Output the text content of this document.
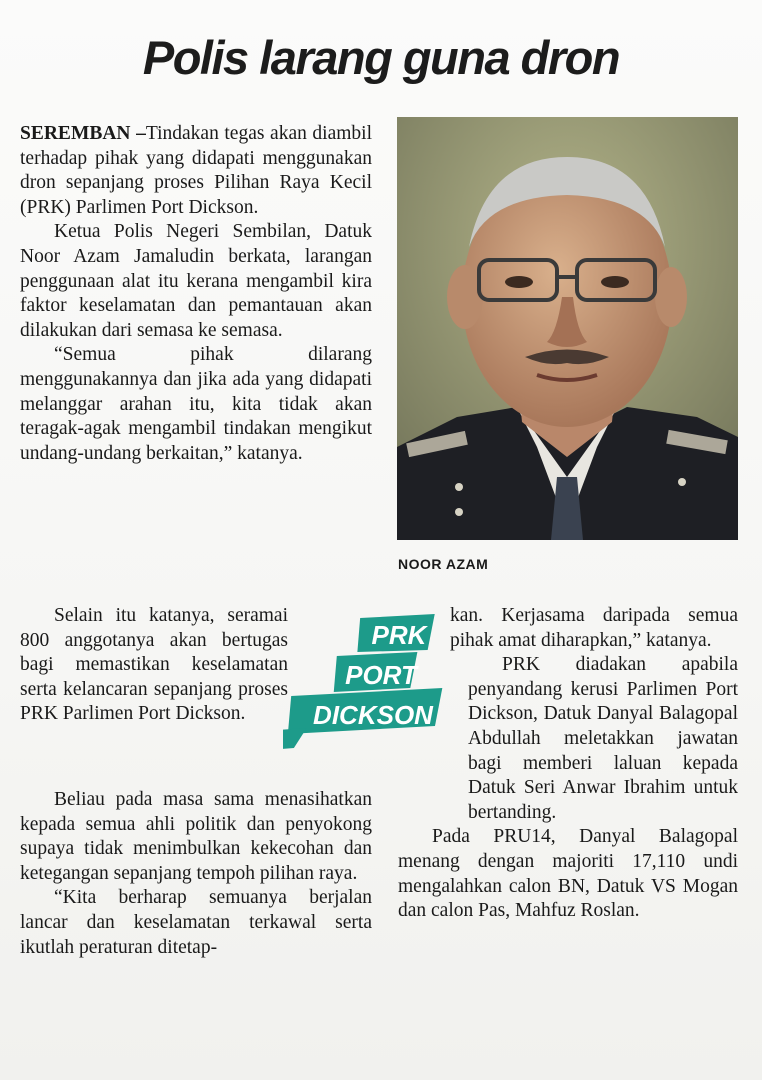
Polis larang guna dron

SEREMBAN –Tindakan tegas akan diambil terhadap pihak yang didapati menggunakan dron sepanjang proses Pilihan Raya Kecil (PRK) Parlimen Port Dickson.

Ketua Polis Negeri Sembilan, Datuk Noor Azam Jamaludin berkata, larangan penggunaan alat itu kerana mengambil kira faktor keselamatan dan pemantauan akan dilakukan dari semasa ke semasa.

“Semua pihak dilarang menggunakannya dan jika ada yang didapati melanggar arahan itu, kita tidak akan teragak-agak mengambil tindakan mengikut undang-undang berkaitan,” katanya.

NOOR AZAM

Selain itu katanya, seramai 800 anggotanya akan bertugas bagi memastikan keselamatan serta kelancaran sepanjang proses PRK Parlimen Port Dickson.

PRK
PORT
DICKSON

Beliau pada masa sama menasihatkan kepada semua ahli politik dan penyokong supaya tidak menimbulkan kekecohan dan ketegangan sepanjang tempoh pilihan raya.

“Kita berharap semuanya berjalan lancar dan keselamatan terkawal serta ikutlah peraturan ditetap-

kan. Kerjasama daripada semua pihak amat diharapkan,” katanya.

PRK diadakan apabila penyandang kerusi Parlimen Port Dickson, Datuk Danyal Balagopal Abdullah meletakkan jawatan bagi memberi laluan kepada Datuk Seri Anwar Ibrahim untuk bertanding.

Pada PRU14, Danyal Balagopal menang dengan majoriti 17,110 undi mengalahkan calon BN, Datuk VS Mogan dan calon Pas, Mahfuz Roslan.
